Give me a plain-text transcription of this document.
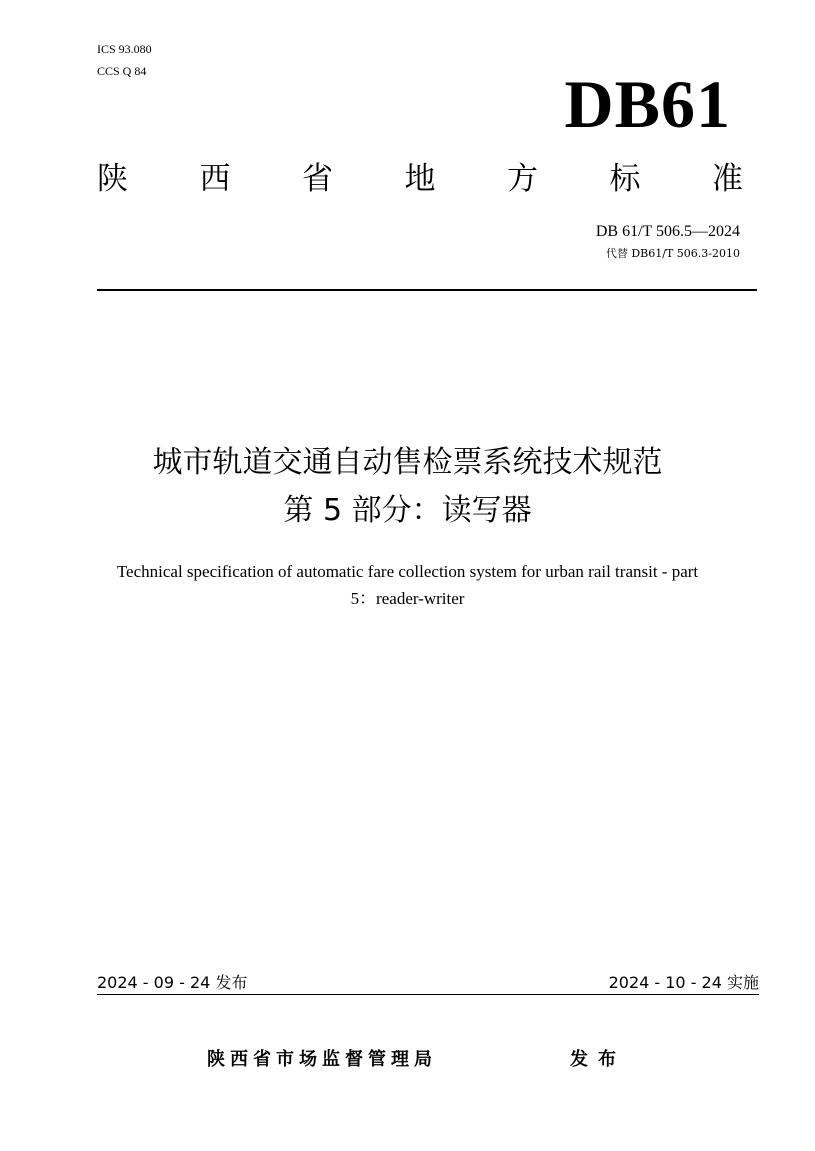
ICS 93.080
CCS Q 84	DB61
陕 西 省 地 方 标 准
DB 61/T 506.5—2024
代替 DB61/T 506.3-2010
城市轨道交通自动售检票系统技术规范
第 5 部分：读写器
Technical specification of automatic fare collection system for urban rail transit - part
5：reader-writer
2024 - 09 - 24 发布	2024 - 10 - 24 实施
陕西省市场监督管理局	发布
